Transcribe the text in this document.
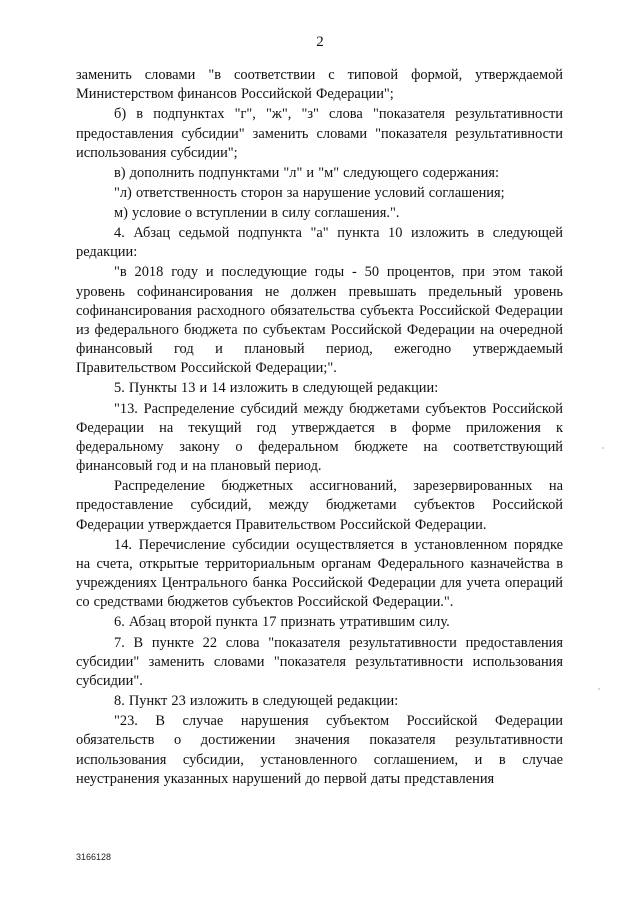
2

заменить словами "в соответствии с типовой формой, утверждаемой Министерством финансов Российской Федерации";

б) в подпунктах "г", "ж", "з" слова "показателя результативности предоставления субсидии" заменить словами "показателя результативности использования субсидии";

в) дополнить подпунктами "л" и "м" следующего содержания:

"л) ответственность сторон за нарушение условий соглашения;

м) условие о вступлении в силу соглашения.".

4. Абзац седьмой подпункта "а" пункта 10 изложить в следующей редакции:

"в 2018 году и последующие годы - 50 процентов, при этом такой уровень софинансирования не должен превышать предельный уровень софинансирования расходного обязательства субъекта Российской Федерации из федерального бюджета по субъектам Российской Федерации на очередной финансовый год и плановый период, ежегодно утверждаемый Правительством Российской Федерации;".

5. Пункты 13 и 14 изложить в следующей редакции:

"13. Распределение субсидий между бюджетами субъектов Российской Федерации на текущий год утверждается в форме приложения к федеральному закону о федеральном бюджете на соответствующий финансовый год и на плановый период.

Распределение бюджетных ассигнований, зарезервированных на предоставление субсидий, между бюджетами субъектов Российской Федерации утверждается Правительством Российской Федерации.

14. Перечисление субсидии осуществляется в установленном порядке на счета, открытые территориальным органам Федерального казначейства в учреждениях Центрального банка Российской Федерации для учета операций со средствами бюджетов субъектов Российской Федерации.".

6. Абзац второй пункта 17 признать утратившим силу.

7. В пункте 22 слова "показателя результативности предоставления субсидии" заменить словами "показателя результативности использования субсидии".

8. Пункт 23 изложить в следующей редакции:

"23. В случае нарушения субъектом Российской Федерации обязательств о достижении значения показателя результативности использования субсидии, установленного соглашением, и в случае неустранения указанных нарушений до первой даты представления

3166128
